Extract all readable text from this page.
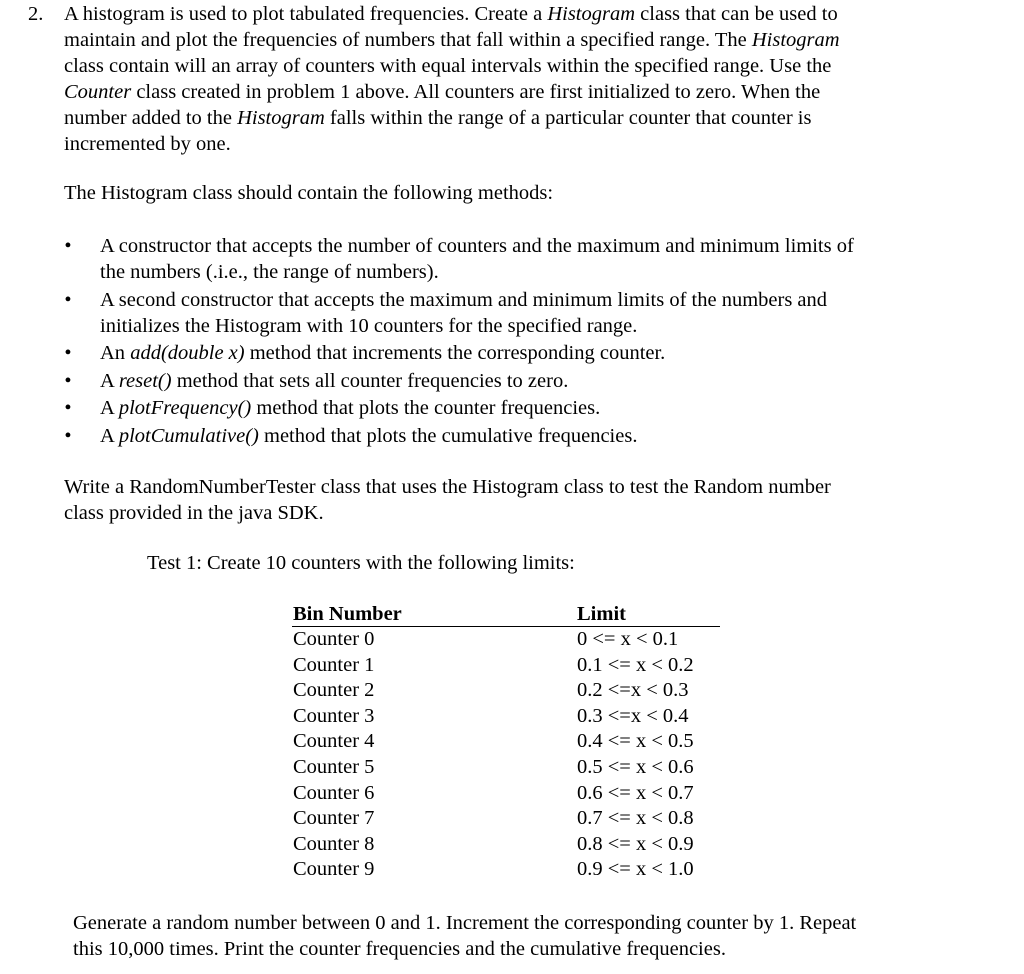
2. A histogram is used to plot tabulated frequencies. Create a Histogram class that can be used to
maintain and plot the frequencies of numbers that fall within a specified range. The Histogram
class contain will an array of counters with equal intervals within the specified range. Use the
Counter class created in problem 1 above. All counters are first initialized to zero. When the
number added to the Histogram falls within the range of a particular counter that counter is
incremented by one.

The Histogram class should contain the following methods:

• A constructor that accepts the number of counters and the maximum and minimum limits of
the numbers (.i.e., the range of numbers).
• A second constructor that accepts the maximum and minimum limits of the numbers and
initializes the Histogram with 10 counters for the specified range.
• An add(double x) method that increments the corresponding counter.
• A reset() method that sets all counter frequencies to zero.
• A plotFrequency() method that plots the counter frequencies.
• A plotCumulative() method that plots the cumulative frequencies.

Write a RandomNumberTester class that uses the Histogram class to test the Random number
class provided in the java SDK.

Test 1: Create 10 counters with the following limits:

Bin Number	Limit
Counter 0	0 <= x < 0.1
Counter 1	0.1 <= x < 0.2
Counter 2	0.2 <=x < 0.3
Counter 3	0.3 <=x < 0.4
Counter 4	0.4 <= x < 0.5
Counter 5	0.5 <= x < 0.6
Counter 6	0.6 <= x < 0.7
Counter 7	0.7 <= x < 0.8
Counter 8	0.8 <= x < 0.9
Counter 9	0.9 <= x < 1.0

Generate a random number between 0 and 1. Increment the corresponding counter by 1. Repeat
this 10,000 times. Print the counter frequencies and the cumulative frequencies.
